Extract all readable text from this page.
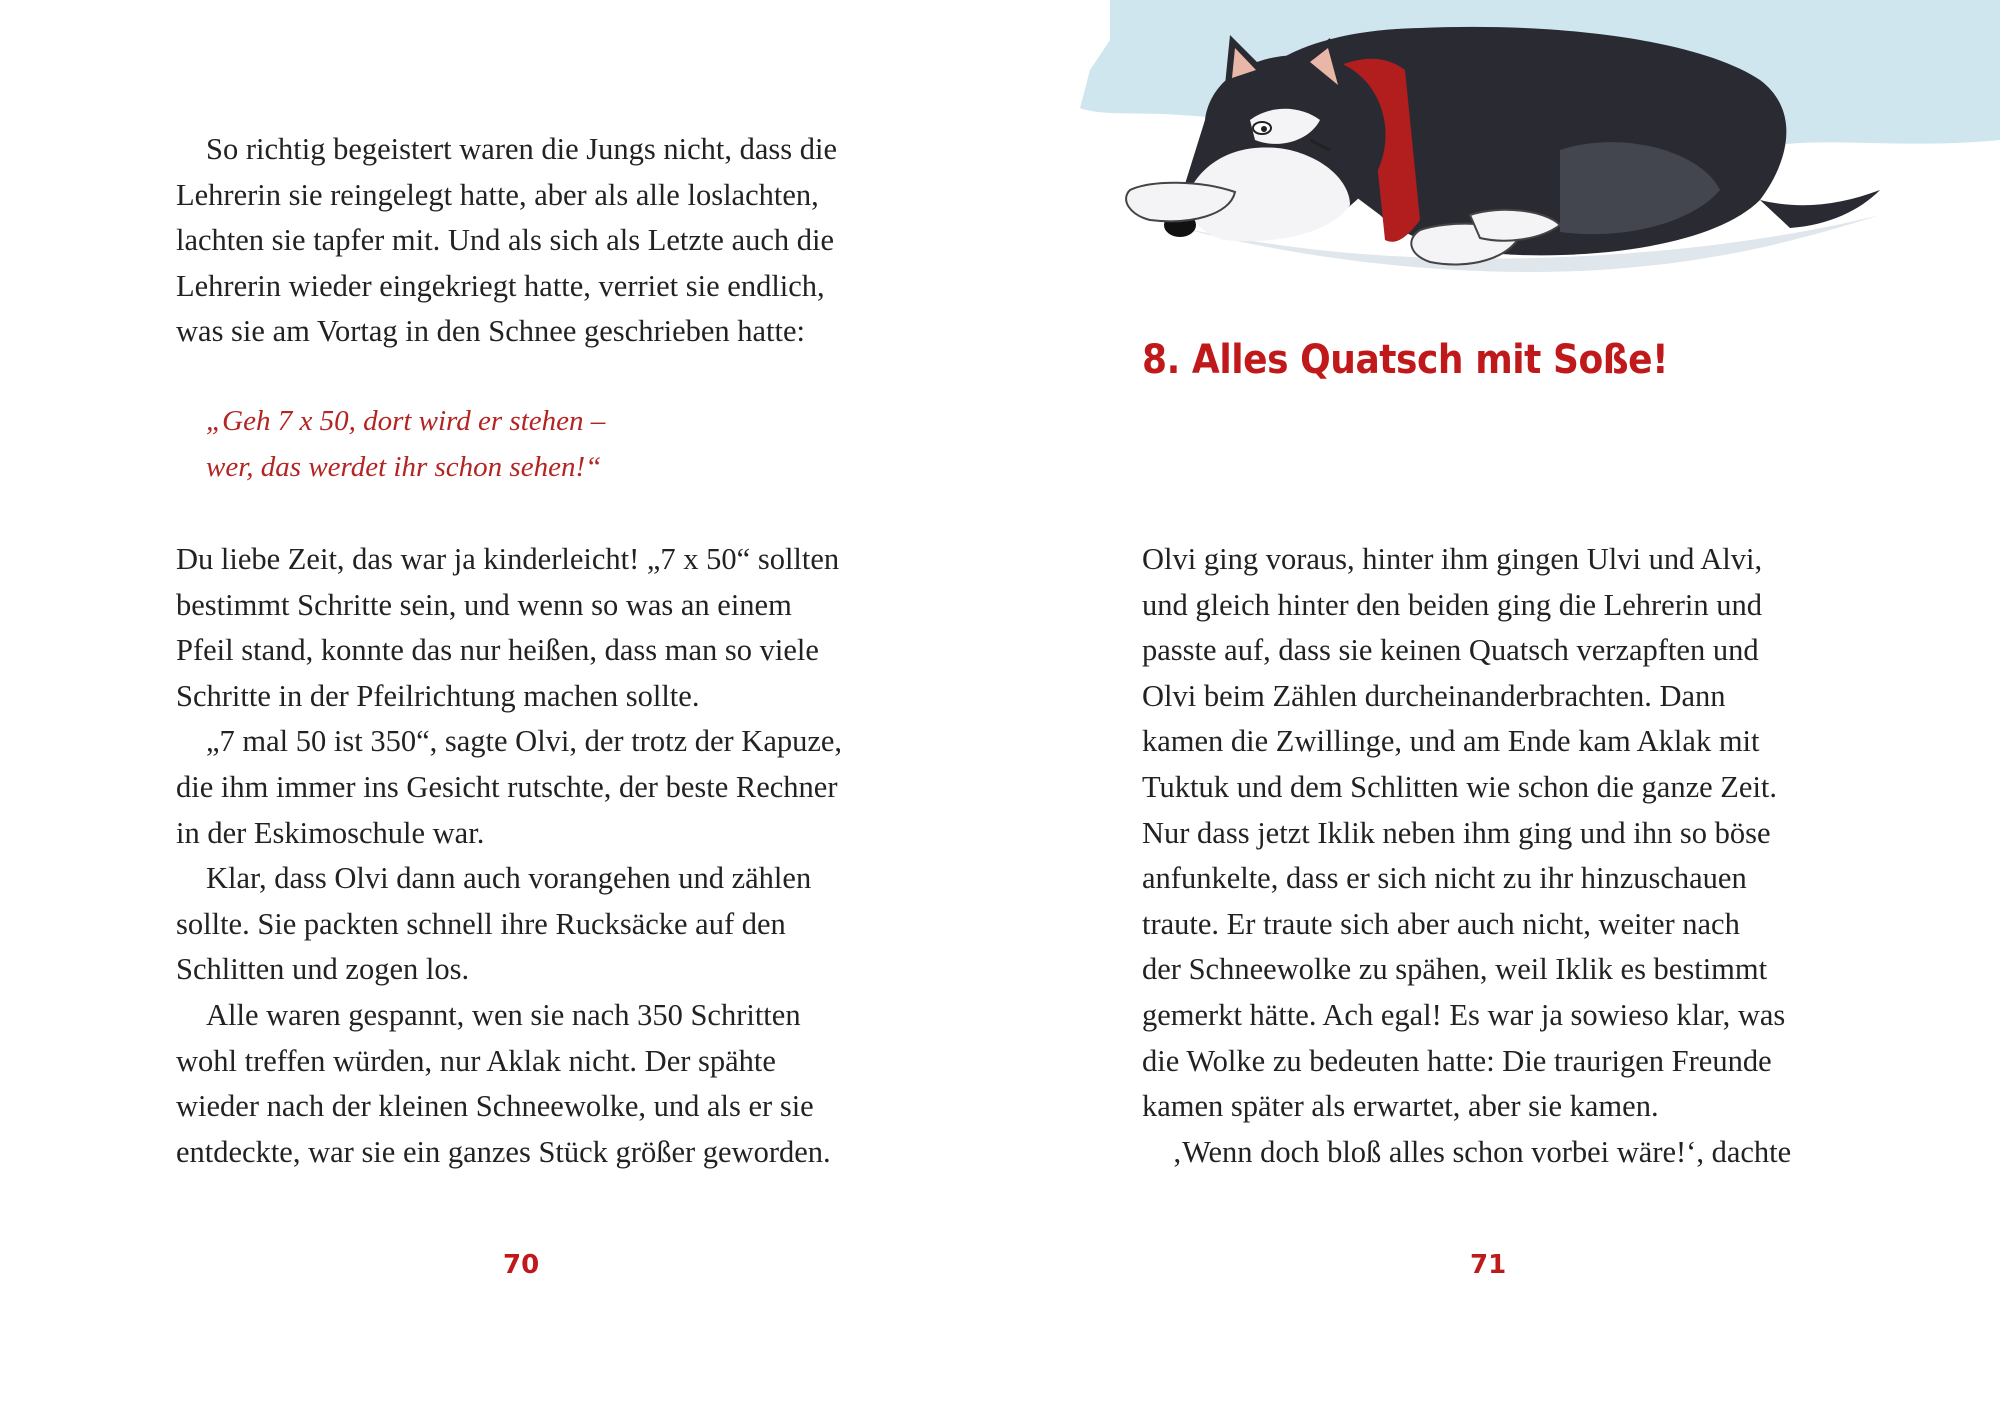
So richtig begeistert waren die Jungs nicht, dass die
Lehrerin sie reingelegt hatte, aber als alle loslachten,
lachten sie tapfer mit. Und als sich als Letzte auch die
Lehrerin wieder eingekriegt hatte, verriet sie endlich,
was sie am Vortag in den Schnee geschrieben hatte:

„Geh 7 x 50, dort wird er stehen –
wer, das werdet ihr schon sehen!“

Du liebe Zeit, das war ja kinderleicht! „7 x 50“ sollten
bestimmt Schritte sein, und wenn so was an einem
Pfeil stand, konnte das nur heißen, dass man so viele
Schritte in der Pfeilrichtung machen sollte.

„7 mal 50 ist 350“, sagte Olvi, der trotz der Kapuze,
die ihm immer ins Gesicht rutschte, der beste Rechner
in der Eskimoschule war.

Klar, dass Olvi dann auch vorangehen und zählen
sollte. Sie packten schnell ihre Rucksäcke auf den
Schlitten und zogen los.

Alle waren gespannt, wen sie nach 350 Schritten
wohl treffen würden, nur Aklak nicht. Der spähte
wieder nach der kleinen Schneewolke, und als er sie
entdeckte, war sie ein ganzes Stück größer geworden.

70
8. Alles Quatsch mit Soße!

Olvi ging voraus, hinter ihm gingen Ulvi und Alvi,
und gleich hinter den beiden ging die Lehrerin und
passte auf, dass sie keinen Quatsch verzapften und
Olvi beim Zählen durcheinanderbrachten. Dann
kamen die Zwillinge, und am Ende kam Aklak mit
Tuktuk und dem Schlitten wie schon die ganze Zeit.
Nur dass jetzt Iklik neben ihm ging und ihn so böse
anfunkelte, dass er sich nicht zu ihr hinzuschauen
traute. Er traute sich aber auch nicht, weiter nach
der Schneewolke zu spähen, weil Iklik es bestimmt
gemerkt hätte. Ach egal! Es war ja sowieso klar, was
die Wolke zu bedeuten hatte: Die traurigen Freunde
kamen später als erwartet, aber sie kamen.

‚Wenn doch bloß alles schon vorbei wäre!‘, dachte

71
